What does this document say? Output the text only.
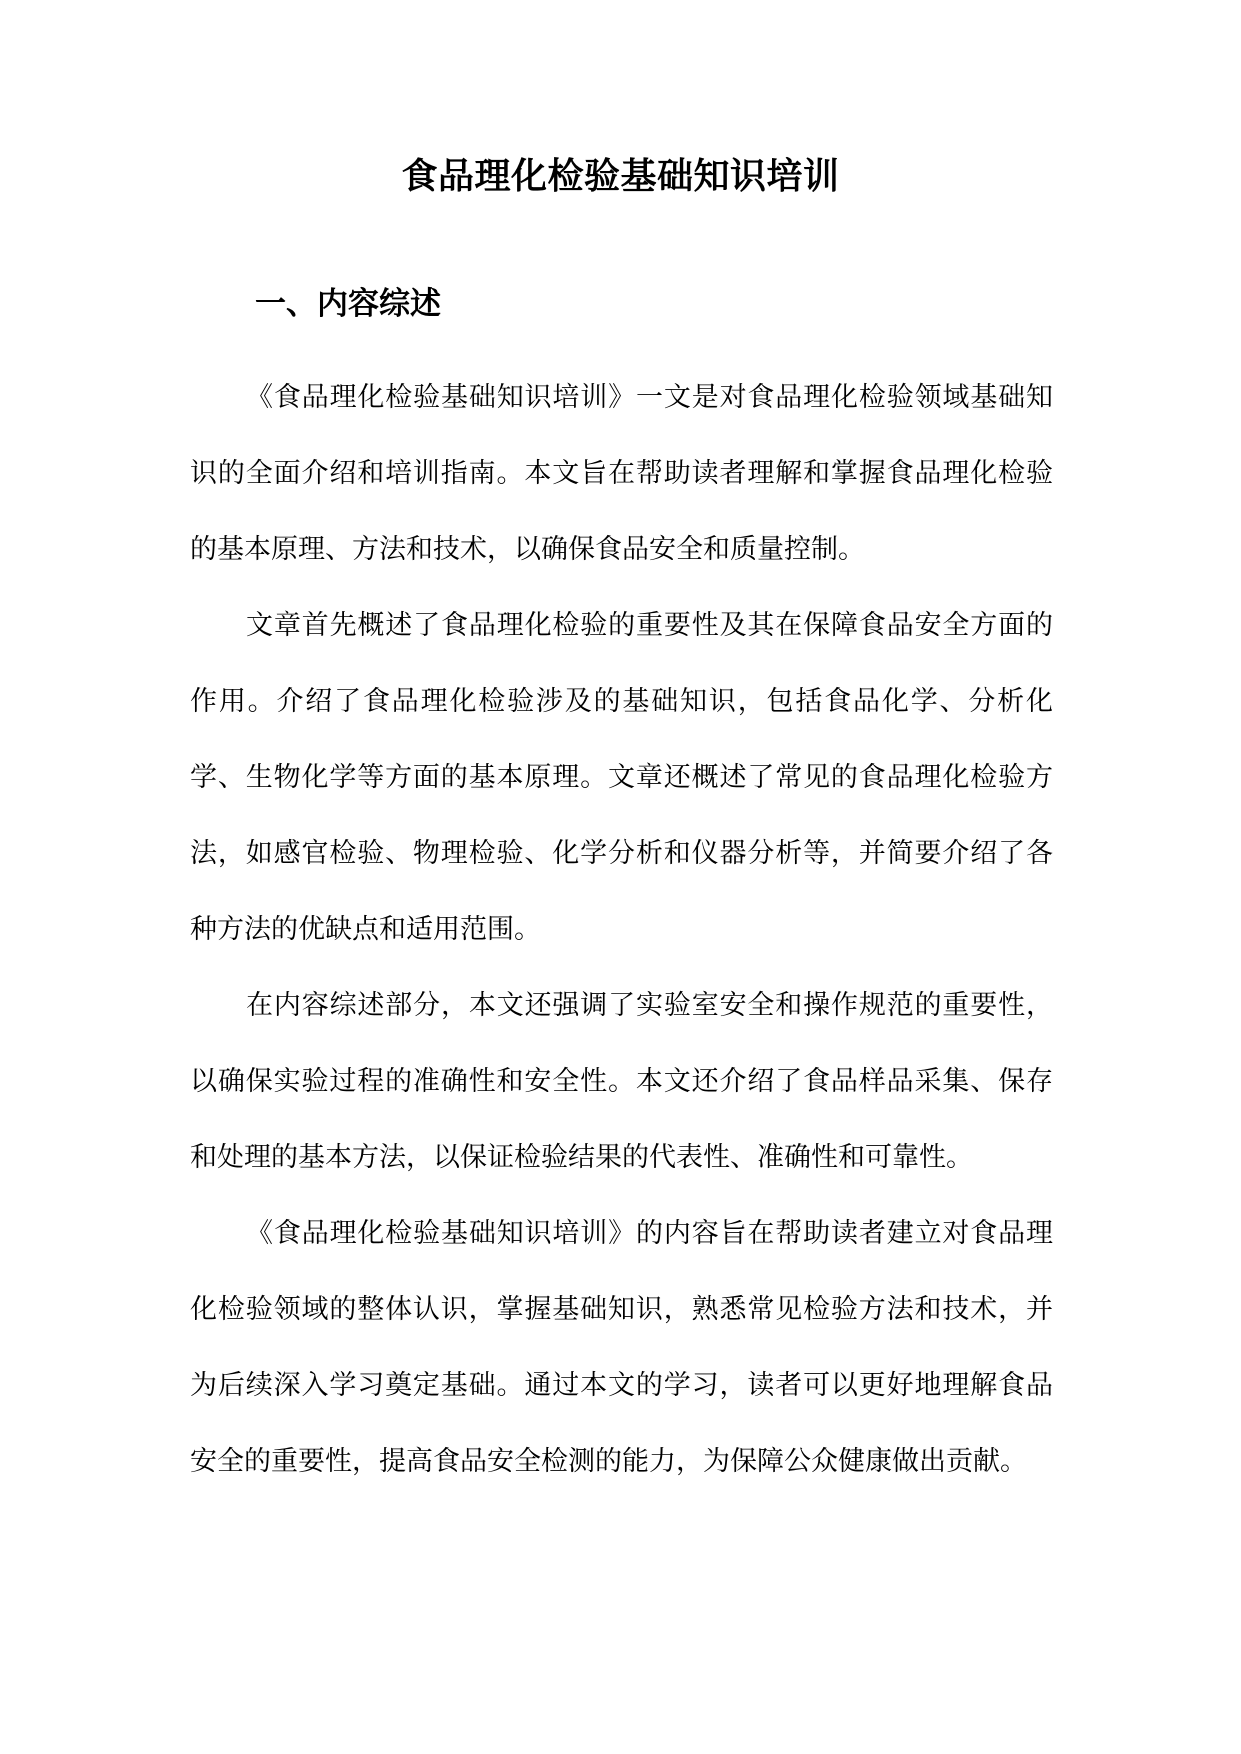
食品理化检验基础知识培训
一、内容综述

《食品理化检验基础知识培训》一文是对食品理化检验领域基础知识的全面介绍和培训指南。本文旨在帮助读者理解和掌握食品理化检验的基本原理、方法和技术，以确保食品安全和质量控制。

文章首先概述了食品理化检验的重要性及其在保障食品安全方面的作用。介绍了食品理化检验涉及的基础知识，包括食品化学、分析化学、生物化学等方面的基本原理。文章还概述了常见的食品理化检验方法，如感官检验、物理检验、化学分析和仪器分析等，并简要介绍了各种方法的优缺点和适用范围。

在内容综述部分，本文还强调了实验室安全和操作规范的重要性，以确保实验过程的准确性和安全性。本文还介绍了食品样品采集、保存和处理的基本方法，以保证检验结果的代表性、准确性和可靠性。

《食品理化检验基础知识培训》的内容旨在帮助读者建立对食品理化检验领域的整体认识，掌握基础知识，熟悉常见检验方法和技术，并为后续深入学习奠定基础。通过本文的学习，读者可以更好地理解食品安全的重要性，提高食品安全检测的能力，为保障公众健康做出贡献。
